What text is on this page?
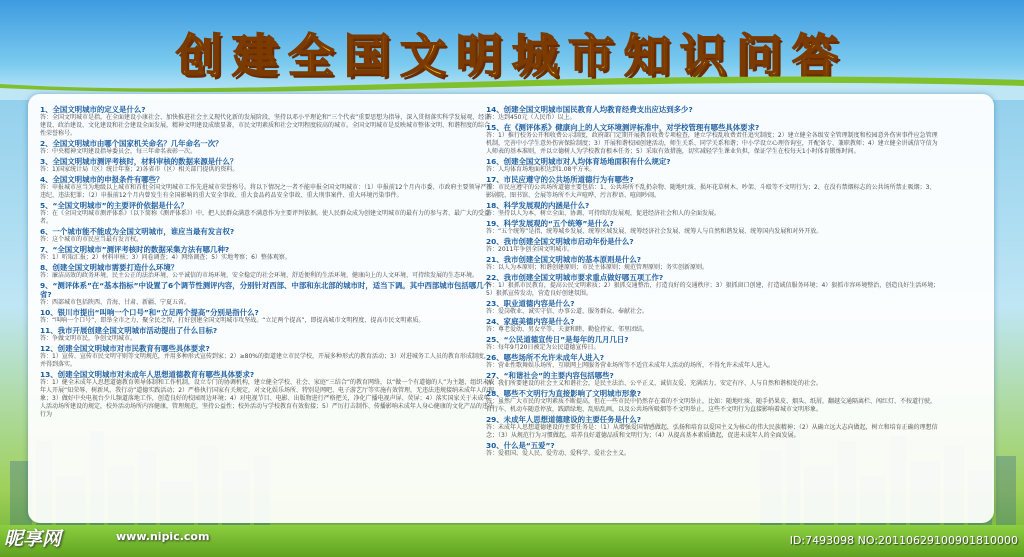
创建全国文明城市知识问答
1、全国文明城市的定义是什么?
答：全国文明城市是指，在全面建设小康社会、加快推进社会主义现代化新的发展阶段，坚持以邓小平理论和“三个代表”重要思想为指导，深入贯彻落实科学发展观，经济建设、政治建设、文化建设和社会建设全面发展，精神文明建设成绩显著，市民文明素质和社会文明程度较高的城市。全国文明城市是反映城市整体文明、和谐程度的综合性荣誉称号。
2、全国文明城市由哪个国家机关命名？几年命名一次？
答：中央精神文明建设指导委员会，每三年命名表彰一次。
3、全国文明城市测评考核时，材料审核的数据来源是什么？
答：1)国家统计局（区）统计年鉴；2)各省市（区）相关部门提供的资料。
4、全国文明城市的申报条件有哪些？
答：申报城市应当为地级以上城市和首批全国文明城市工作先进城市荣誉称号。将以下情况之一者不能申报全国文明城市：（1）申报前12个月内市委、市政府主要领导严重违纪、违法犯罪；（2）申报前12个月内曾发生有全国影响的重大安全事故、重大食品药品安全事故、重大刑事案件、重大环境污染事件。
5、“全国文明城市”的主要评价依据是什么？
答：在《全国文明城市测评体系》（以下简称《测评体系》）中，把人民群众满意不满意作为主要评判依据，使人民群众成为创建文明城市的最有力的参与者、最广大的受益者。
6、一个城市能不能成为全国文明城市，谁应当最有发言权?
答：这个城市的市民应当最有发言权。
7、“全国文明城市”测评考核时的数据采集方法有哪几种?
答：1）听取汇报；2）材料审核；3）问卷调查；4）网络调查；5）实地考察；6）整体观察。
8、创建全国文明城市需要打造什么环境？
答：廉洁高效的政务环境、民主公正的法治环境、公平诚信的市场环境、安全稳定的社会环境、舒适便利的生活环境、健康向上的人文环境、可持续发展的生态环境。
9、“测评体系”在“基本指标”中设置了6个调节性测评内容，分别针对西部、中部和东北部的城市时，适当下调。其中西部城市包括哪几个省?
答：西部城市包括陕西、青海、甘肃、新疆、宁夏五省。
10、银川市提出“叫响一个口号”和“立足两个提高”分别是指什么?
答：“叫响一个口号”，即举全市之力，聚全民之智，打好创建全国文明城市攻坚战。“立足两个提高”，即提高城市文明程度、提高市民文明素质。
11、我市开展创建全国文明城市活动提出了什么目标?
答：争做文明市民，争创文明城市。
12、创建全国文明城市对市民教育有哪些具体要求?
答：1）宣传、宣传市民文明守则等文明规范，并用多种形式宣传到家；2）≥80%的街道建立市民学校，开展多种形式的教育活动；3）对进城务工人员的教育形成制度，并得到落实。
13、创建全国文明城市对未成年人思想道德教育有哪些具体要求?
答：1）健全未成年人思想道德教育领导体制和工作机制，设立专门的协调机构，建立健全学校、社会、家庭“三结合”的教育网络，以“做一个有道德的人”为主题，组织未成年人开展“知荣辱、树新风、我行动”道德实践活动；2）严格执行国家有关规定，对文化娱乐场所、特别是网吧、电子游艺厅等实施有效管理，无违法违规接纳未成年人的现象；3）做好中央电视台少儿频道落地工作，创造良好的校园周边环境；4）对电视节目、电影、出版物进行严格把关，净化广播电视声屏、荧屏；4）落实国家关于未成年人活动场所建设的规定，校外活动场所内容健康，管理规范，坚持公益性；校外活动与学校教育有效衔接；5）严厉打击制作、传播影响未成年人身心健康的文化产品的违法行为
14、创建全国文明城市国民教育人均教育经费支出应达到多少?
答：达到450元（人民币）以上。
15、在《测评体系》健康向上的人文环境测评标准中，对学校管理有哪些具体要求?
答：1）推行校务公开和收费公示制度，政府部门定期开展教育收费专项检查，建立学校乱收费责任追究制度；2）建立健全各级安全管理制度和校园意外伤害事件应急管理机制，完善中小学生意外伤害保险制度；3）开展和谐校园创建活动，师生关系、同学关系和谐；中小学设立心理咨询室，开配备专、兼职教师；4）建立健全讲诚信守信为人师表的基本准则，并以立德树人为学校教育根本任务；5）采取有效措施，切实减轻学生课业负担，保证学生在校每天1小时体育锻炼时间。
16、创建全国文明城市对人均体育场地面积有什么规定?
答：人均体育场地面积达到1.08平方米。
17、市民应遵守的公共场所道德行为有哪些?
答：市民应遵守的公共场所道德主要包括：1、公共场所不乱扔杂物、随地吐痰、损坏花草树木、吵架、斗殴等不文明行为；2、在没有禁烟标志的公共场所禁止吸烟；3、影剧院、图书馆、会展等场所不大声喧哗、污言秽语、喧闹吵闹。
18、科学发展观的内涵是什么?
答：坚持以人为本，树立全面、协调、可持续的发展观，促进经济社会和人的全面发展。
19、科学发展观的“五个统筹”是什么?
答：“五个统筹”是指，统筹城乡发展、统筹区域发展、统筹经济社会发展、统筹人与自然和谐发展、统筹国内发展和对外开放。
20、我市创建全国文明城市启动年份是什么?
答：2011年争创全国文明城市。
21、我市创建全国文明城市的基本原则是什么?
答：以人为本原则；和谐创建原则；市民主体原则；规范管理原则；务实创新原则。
22、我市创建全国文明城市要求重点做好哪五项工作?
答：1）狠抓市民教育，提高公民文明素质；2）狠抓交通整治，打造良好的交通秩序；3）狠抓窗口创建，打造诚信服务环境；4）狠抓市容环境整治，创造良好生活环境；5）狠抓宣传发动，营造良好创建氛围。
23、职业道德内容是什么?
答：爱岗敬业、诚实守信、办事公道、服务群众、奉献社会。
24、家庭美德内容是什么?
答：尊老爱幼、男女平等、夫妻和睦、勤俭持家、邻里团结。
25、“公民道德宣传日”是每年的几月几日?
答：每年9月20日被定为公民道德宣传日。
26、哪些场所不允许未成年人进入?
答：营业性歌舞娱乐场所、互联网上网服务营业场所等不适宜未成年人活动的场所，不得允许未成年人进入。
27、“和谐社会”的主要内容包括哪些?
答：我们所要建设的社会主义和谐社会，是民主法治、公平正义、诚信友爱、充满活力、安定有序、人与自然和谐相处的社会。
28、哪些不文明行为直接影响了文明城市形象?
答：虽然广大市民的文明素质不断提高，但在一些市民中仍然存在着的不文明举止，比如：随地吐痰、随手扔果皮、烟头、纸屑，翻越交通隔离栏、闯红灯、不按道行驶，自行车、机动车随意停放，践踏绿地、乱贴乱画，以及公共场所吸烟等不文明举止，这些不文明行为直接影响着城市文明形象。
29、未成年人思想道德建设的主要任务是什么?
答：未成年人思想道德建设的主要任务是：（1）从增强爱国情感做起，弘扬和培育以爱国主义为核心的伟大民族精神；（2）从确立远大志向做起，树立和培育正确的理想信念；（3）从规范行为习惯做起，培养良好道德品质和文明行为；（4）从提高基本素质做起，促进未成年人的全面发展。
30、什么是“五爱”?
答：爱祖国、爱人民、爱劳动、爱科学、爱社会主义。
昵享网	www.nipic.com	ID:7493098 NO:20110629100901810000
